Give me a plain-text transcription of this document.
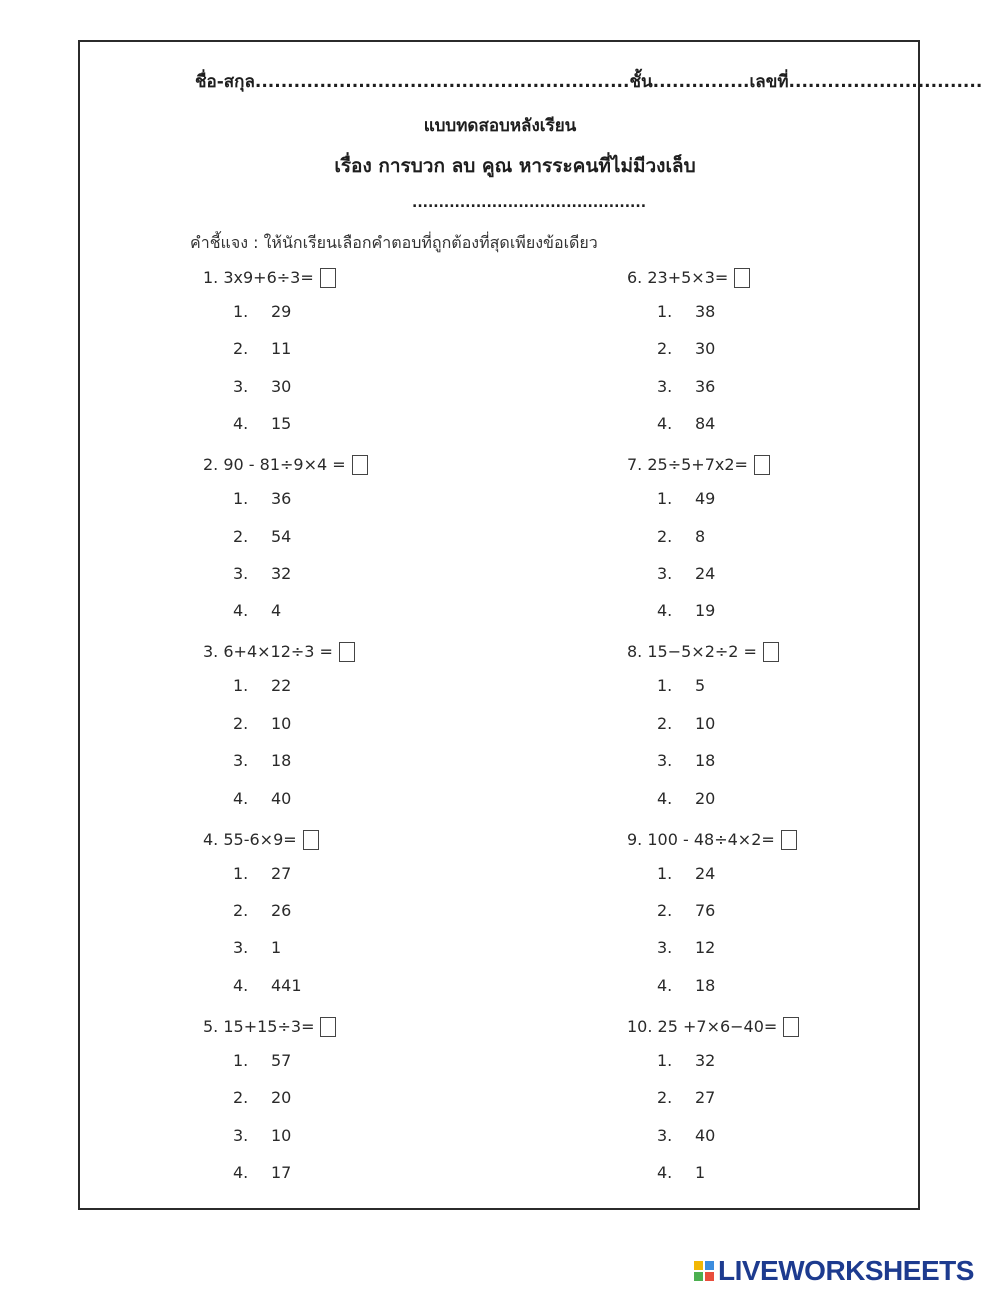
ชื่อ-สกุล..........................................................ชั้น...............เลขที่..............................
แบบทดสอบหลังเรียน
เรื่อง การบวก ลบ คูณ หารระคนที่ไม่มีวงเล็บ
............................................
คำชี้แจง : ให้นักเรียนเลือกคำตอบที่ถูกต้องที่สุดเพียงข้อเดียว
1. 3x9+6÷3=
1. 29
2. 11
3. 30
4. 15
2. 90 - 81÷9×4 =
1. 36
2. 54
3. 32
4. 4
3. 6+4×12÷3 =
1. 22
2. 10
3. 18
4. 40
4. 55-6×9=
1. 27
2. 26
3. 1
4. 441
5. 15+15÷3=
1. 57
2. 20
3. 10
4. 17
6. 23+5×3=
1. 38
2. 30
3. 36
4. 84
7. 25÷5+7x2=
1. 49
2. 8
3. 24
4. 19
8. 15−5×2÷2 =
1. 5
2. 10
3. 18
4. 20
9. 100 - 48÷4×2=
1. 24
2. 76
3. 12
4. 18
10. 25 +7×6−40=
1. 32
2. 27
3. 40
4. 1
LIVEWORKSHEETS
